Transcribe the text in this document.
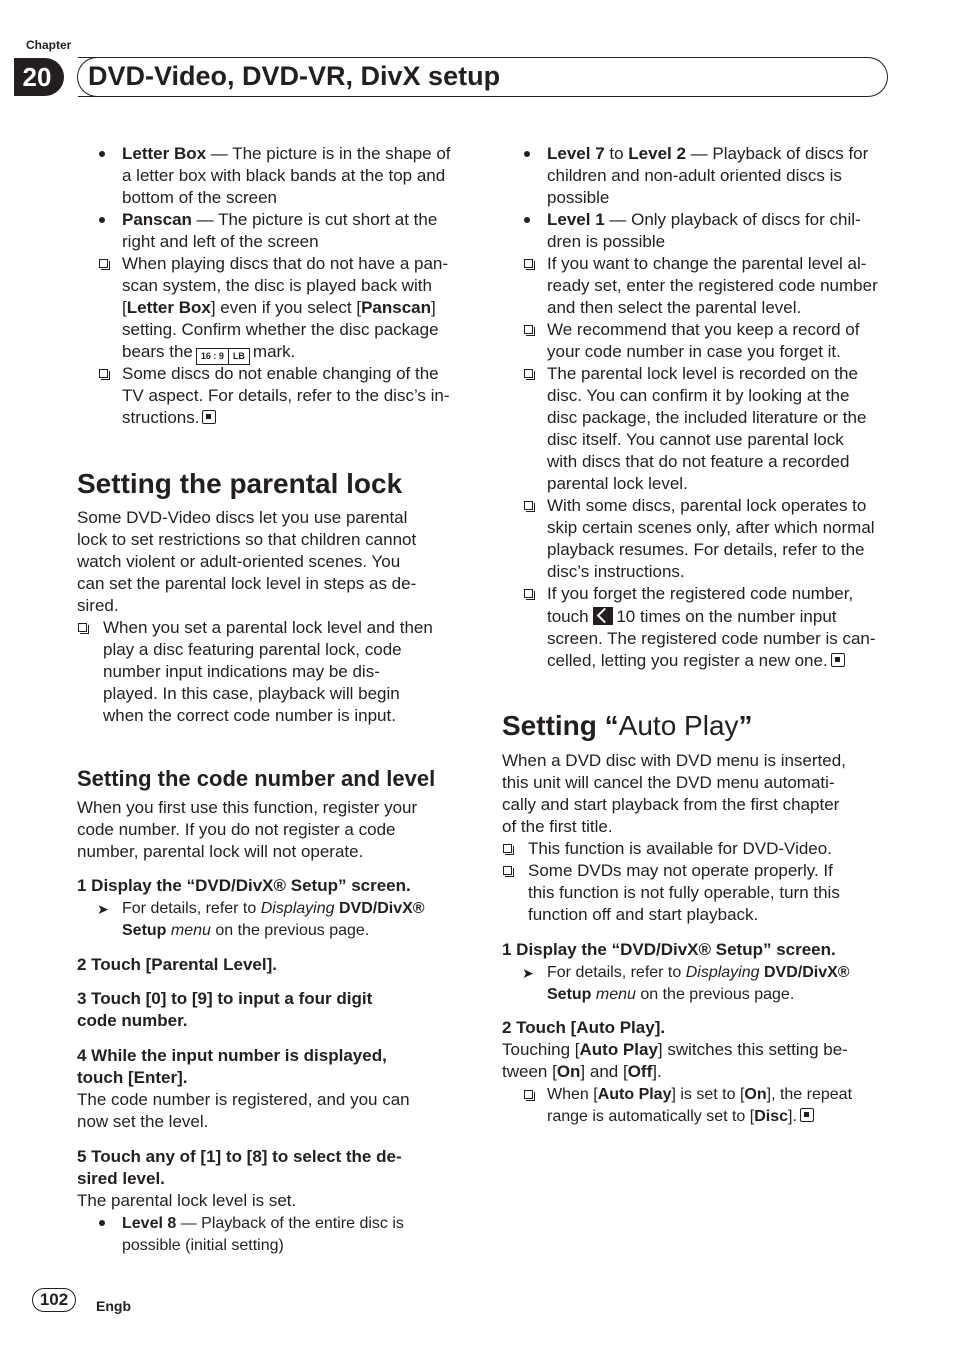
Chapter
20	DVD-Video, DVD-VR, DivX setup
Letter Box — The picture is in the shape of
a letter box with black bands at the top and
bottom of the screen
Panscan — The picture is cut short at the
right and left of the screen
When playing discs that do not have a pan-
scan system, the disc is played back with
[Letter Box] even if you select [Panscan]
setting. Confirm whether the disc package
bears the 16 : 9	LB mark.
Some discs do not enable changing of the
TV aspect. For details, refer to the disc’s in-
structions.
Setting the parental lock
Some DVD-Video discs let you use parental
lock to set restrictions so that children cannot
watch violent or adult-oriented scenes. You
can set the parental lock level in steps as de-
sired.
When you set a parental lock level and then
play a disc featuring parental lock, code
number input indications may be dis-
played. In this case, playback will begin
when the correct code number is input.
Setting the code number and level
When you first use this function, register your
code number. If you do not register a code
number, parental lock will not operate.
1 Display the “DVD/DivX® Setup” screen.
➤ For details, refer to Displaying DVD/DivX®
Setup menu on the previous page.
2 Touch [Parental Level].
3 Touch [0] to [9] to input a four digit
code number.
4 While the input number is displayed,
touch [Enter].
The code number is registered, and you can
now set the level.
5 Touch any of [1] to [8] to select the de-
sired level.
The parental lock level is set.
Level 8 — Playback of the entire disc is
possible (initial setting)
Level 7 to Level 2 — Playback of discs for
children and non-adult oriented discs is
possible
Level 1 — Only playback of discs for chil-
dren is possible
If you want to change the parental level al-
ready set, enter the registered code number
and then select the parental level.
We recommend that you keep a record of
your code number in case you forget it.
The parental lock level is recorded on the
disc. You can confirm it by looking at the
disc package, the included literature or the
disc itself. You cannot use parental lock
with discs that do not feature a recorded
parental lock level.
With some discs, parental lock operates to
skip certain scenes only, after which normal
playback resumes. For details, refer to the
disc’s instructions.
If you forget the registered code number,
touch 10 times on the number input
screen. The registered code number is can-
celled, letting you register a new one.
Setting “Auto Play”
When a DVD disc with DVD menu is inserted,
this unit will cancel the DVD menu automati-
cally and start playback from the first chapter
of the first title.
This function is available for DVD-Video.
Some DVDs may not operate properly. If
this function is not fully operable, turn this
function off and start playback.
1 Display the “DVD/DivX® Setup” screen.
➤ For details, refer to Displaying DVD/DivX®
Setup menu on the previous page.
2 Touch [Auto Play].
Touching [Auto Play] switches this setting be-
tween [On] and [Off].
When [Auto Play] is set to [On], the repeat
range is automatically set to [Disc].
102	Engb
